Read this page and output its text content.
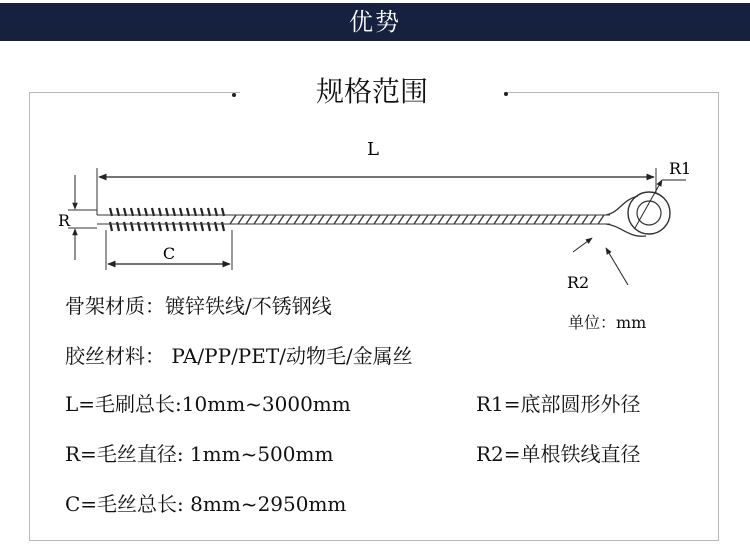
优势
规格范围
L
R
R1
R2
C
单位：mm
骨架材质：镀锌铁线/不锈钢线
胶丝材料： PA/PP/PET/动物毛/金属丝
L=毛刷总长:10mm~3000mm
R=毛丝直径: 1mm~500mm
C=毛丝总长: 8mm~2950mm
R1=底部圆形外径
R2=单根铁线直径
